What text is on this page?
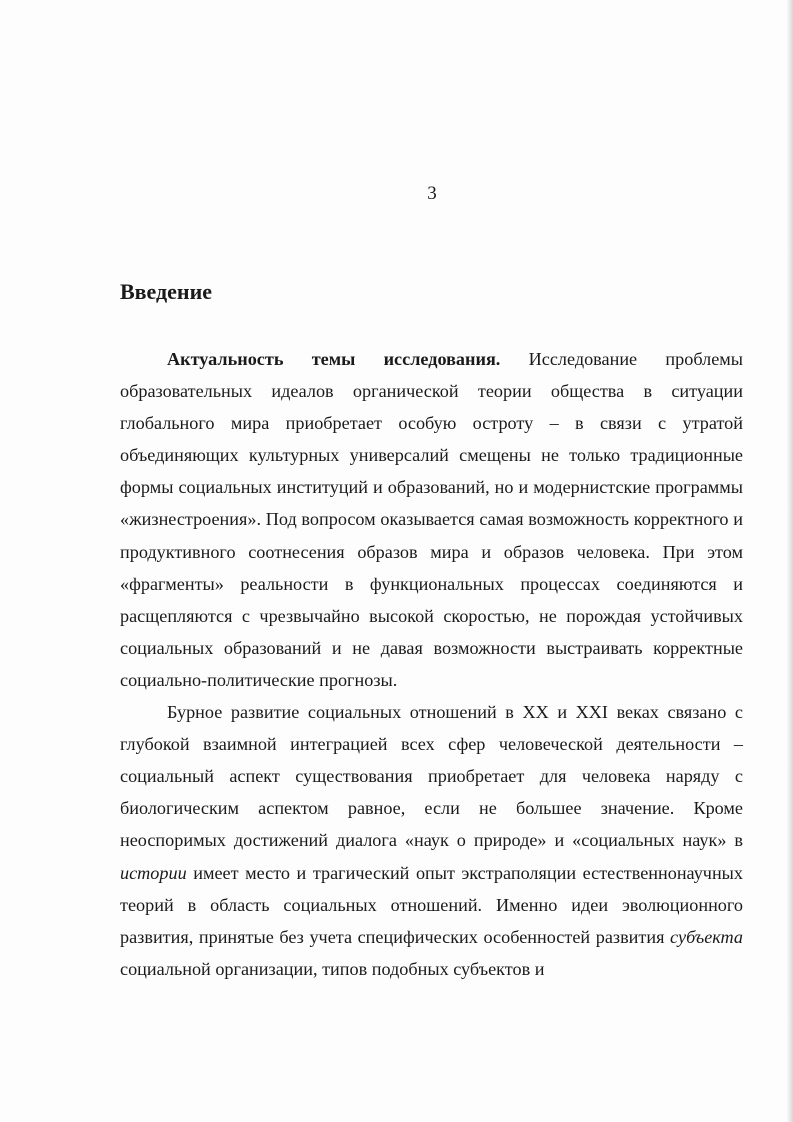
3
Введение

Актуальность темы исследования. Исследование проблемы образовательных идеалов органической теории общества в ситуации глобального мира приобретает особую остроту – в связи с утратой объединяющих культурных универсалий смещены не только традиционные формы социальных институций и образований, но и модернистские программы «жизнестроения». Под вопросом оказывается самая возможность корректного и продуктивного соотнесения образов мира и образов человека. При этом «фрагменты» реальности в функциональных процессах соединяются и расщепляются с чрезвычайно высокой скоростью, не порождая устойчивых социальных образований и не давая возможности выстраивать корректные социально-политические прогнозы.

Бурное развитие социальных отношений в XX и XXI веках связано с глубокой взаимной интеграцией всех сфер человеческой деятельности – социальный аспект существования приобретает для человека наряду с биологическим аспектом равное, если не большее значение. Кроме неоспоримых достижений диалога «наук о природе» и «социальных наук» в истории имеет место и трагический опыт экстраполяции естественнонаучных теорий в область социальных отношений. Именно идеи эволюционного развития, принятые без учета специфических особенностей развития субъекта социальной организации, типов подобных субъектов и
